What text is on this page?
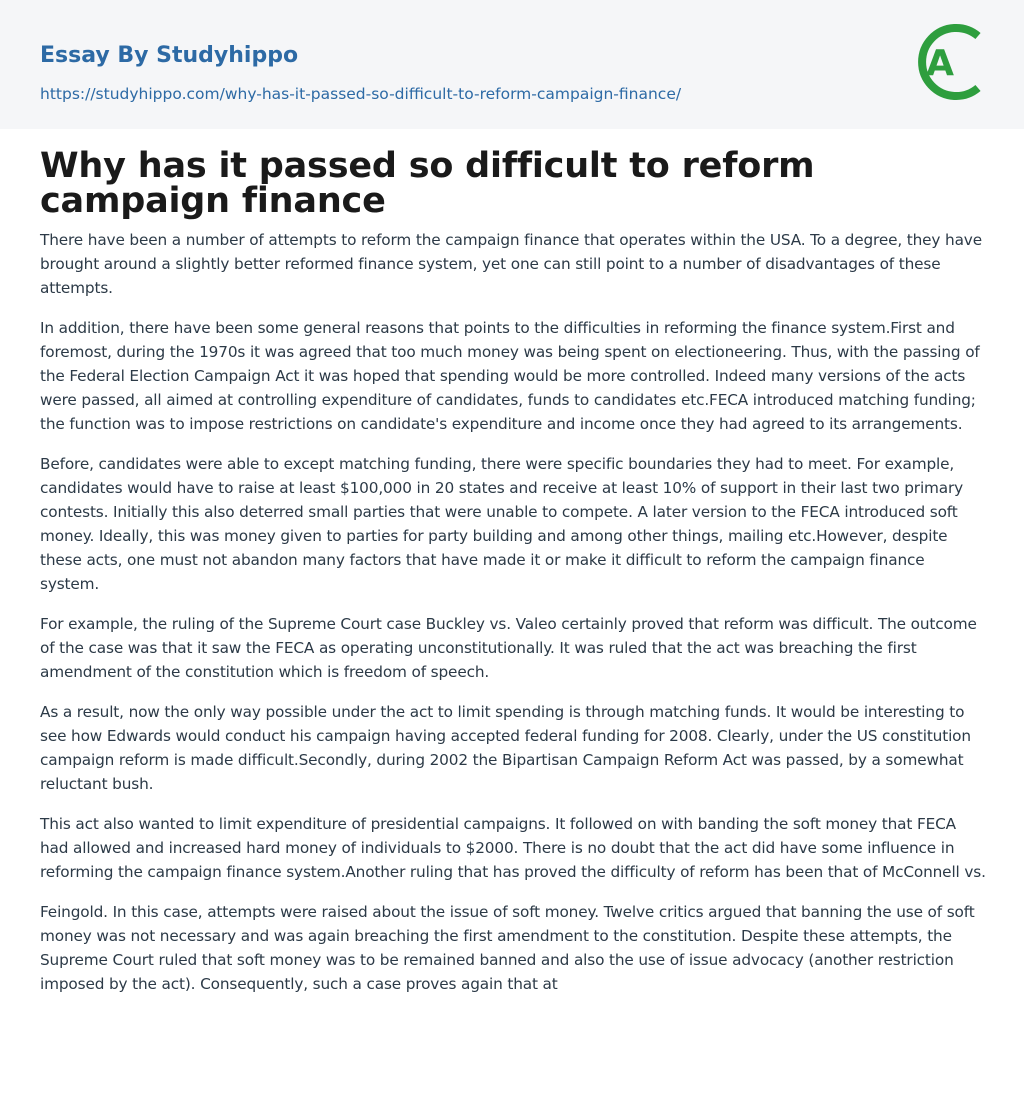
Essay By Studyhippo
https://studyhippo.com/why-has-it-passed-so-difficult-to-reform-campaign-finance/
A
Why has it passed so difficult to reform campaign finance

There have been a number of attempts to reform the campaign finance that operates within the USA. To a degree, they have brought around a slightly better reformed finance system, yet one can still point to a number of disadvantages of these attempts.

In addition, there have been some general reasons that points to the difficulties in reforming the finance system.First and foremost, during the 1970s it was agreed that too much money was being spent on electioneering. Thus, with the passing of the Federal Election Campaign Act it was hoped that spending would be more controlled. Indeed many versions of the acts were passed, all aimed at controlling expenditure of candidates, funds to candidates etc.FECA introduced matching funding; the function was to impose restrictions on candidate's expenditure and income once they had agreed to its arrangements.

Before, candidates were able to except matching funding, there were specific boundaries they had to meet. For example, candidates would have to raise at least $100,000 in 20 states and receive at least 10% of support in their last two primary contests. Initially this also deterred small parties that were unable to compete. A later version to the FECA introduced soft money. Ideally, this was money given to parties for party building and among other things, mailing etc.However, despite these acts, one must not abandon many factors that have made it or make it difficult to reform the campaign finance system.

For example, the ruling of the Supreme Court case Buckley vs. Valeo certainly proved that reform was difficult. The outcome of the case was that it saw the FECA as operating unconstitutionally. It was ruled that the act was breaching the first amendment of the constitution which is freedom of speech.

As a result, now the only way possible under the act to limit spending is through matching funds. It would be interesting to see how Edwards would conduct his campaign having accepted federal funding for 2008. Clearly, under the US constitution campaign reform is made difficult.Secondly, during 2002 the Bipartisan Campaign Reform Act was passed, by a somewhat reluctant bush.

This act also wanted to limit expenditure of presidential campaigns. It followed on with banding the soft money that FECA had allowed and increased hard money of individuals to $2000. There is no doubt that the act did have some influence in reforming the campaign finance system.Another ruling that has proved the difficulty of reform has been that of McConnell vs.

Feingold. In this case, attempts were raised about the issue of soft money. Twelve critics argued that banning the use of soft money was not necessary and was again breaching the first amendment to the constitution. Despite these attempts, the Supreme Court ruled that soft money was to be remained banned and also the use of issue advocacy (another restriction imposed by the act). Consequently, such a case proves again that at
